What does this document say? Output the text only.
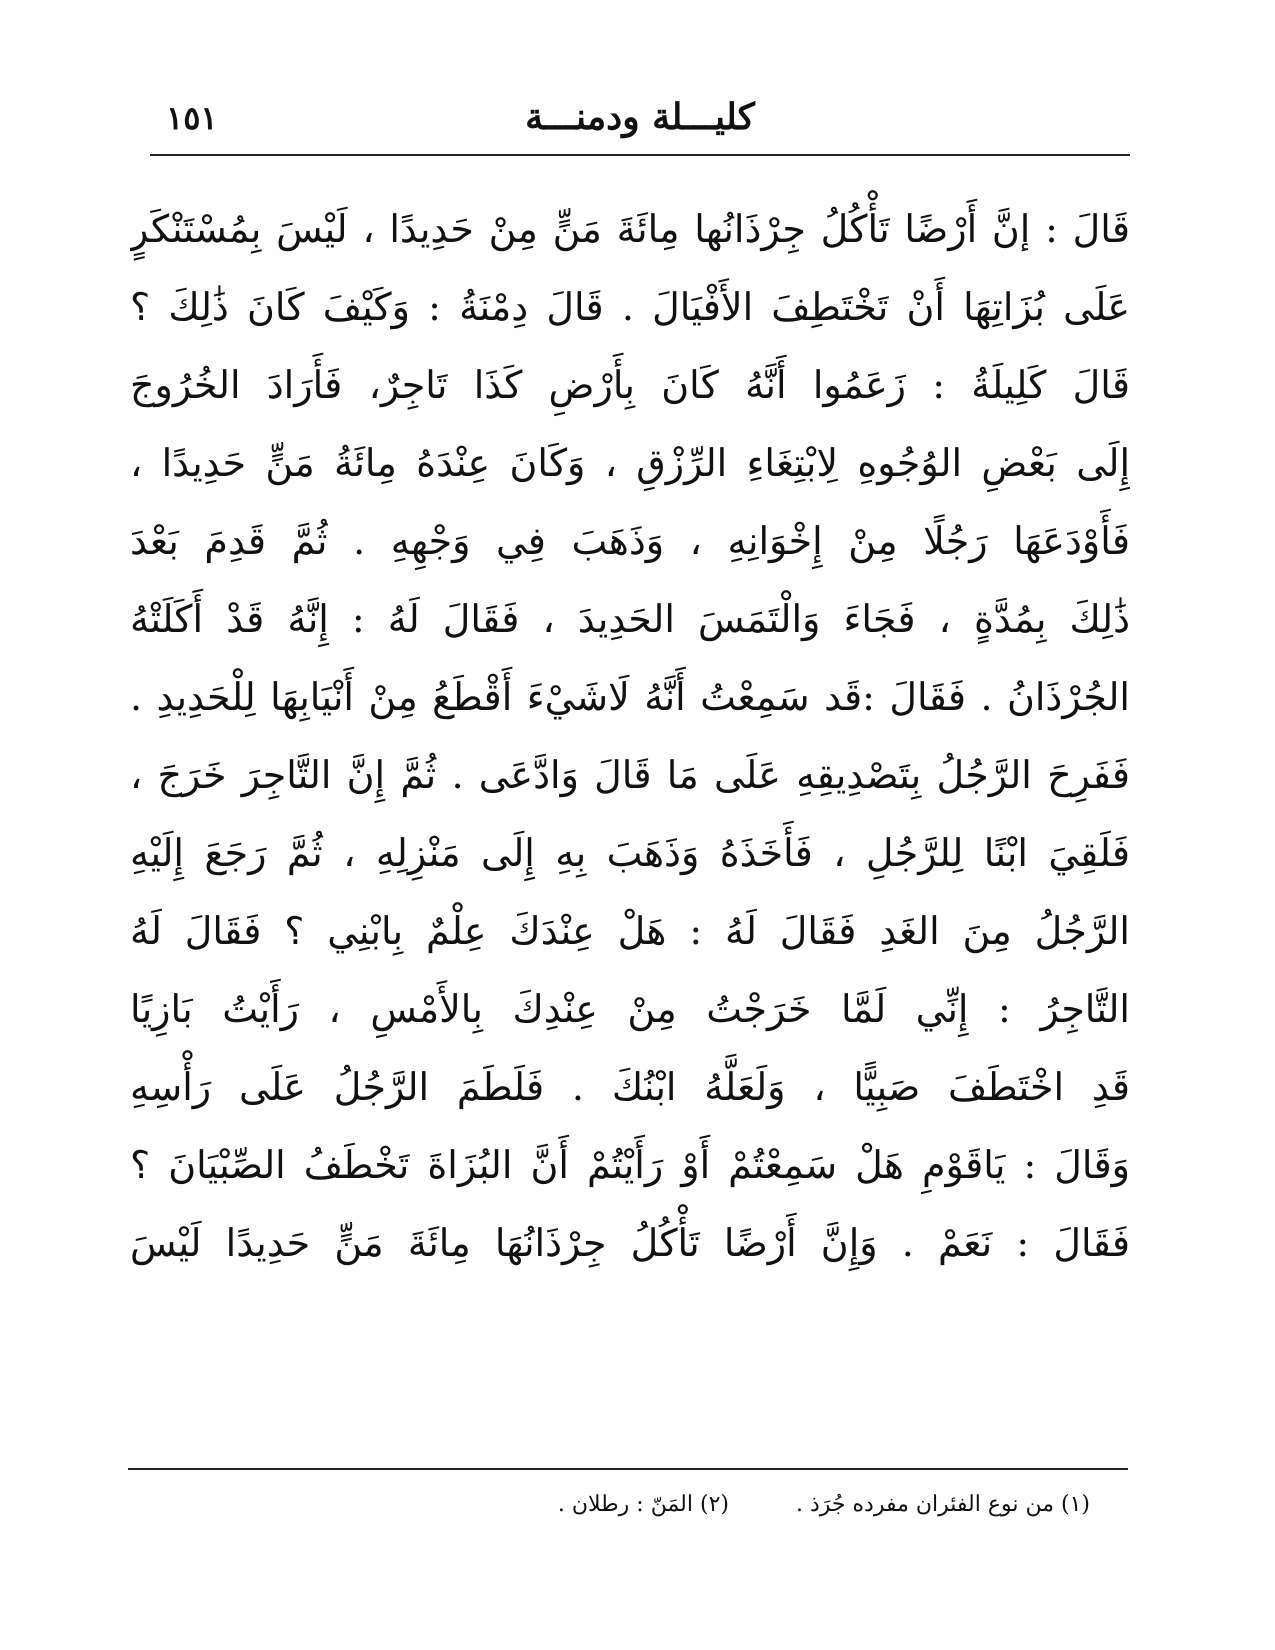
كليـــلة ودمنـــة
١٥١
قَالَ : إنَّ أَرْضًا تَأْكُلُ جِرْذَانُها مِائَةَ مَنٍّ مِنْ حَدِيدًا ، لَيْسَ بِمُسْتَنْكَرٍ
عَلَى بُزَاتِهَا أَنْ تَخْتَطِفَ الأَفْيَالَ . قَالَ دِمْنَةُ : وَكَيْفَ كَانَ ذَٰلِكَ ؟
قَالَ كَلِيلَةُ : زَعَمُوا أَنَّهُ كَانَ بِأَرْضِ كَذَا تَاجِرٌ، فَأَرَادَ الخُرُوجَ
إِلَى بَعْضِ الوُجُوهِ لِابْتِغَاءِ الرِّزْقِ ، وَكَانَ عِنْدَهُ مِائَةُ مَنٍّ حَدِيدًا ،
فَأَوْدَعَهَا رَجُلًا مِنْ إِخْوَانِهِ ، وَذَهَبَ فِي وَجْهِهِ . ثُمَّ قَدِمَ بَعْدَ
ذَٰلِكَ بِمُدَّةٍ ، فَجَاءَ وَالْتَمَسَ الحَدِيدَ ، فَقَالَ لَهُ : إِنَّهُ قَدْ أَكَلَتْهُ
الجُرْذَانُ . فَقَالَ :قَد سَمِعْتُ أَنَّهُ لَاشَيْءَ أَقْطَعُ مِنْ أَنْيَابِهَا لِلْحَدِيدِ .
فَفَرِحَ الرَّجُلُ بِتَصْدِيقِهِ عَلَى مَا قَالَ وَادَّعَى . ثُمَّ إِنَّ التَّاجِرَ خَرَجَ ،
فَلَقِيَ ابْنًا لِلرَّجُلِ ، فَأَخَذَهُ وَذَهَبَ بِهِ إِلَى مَنْزِلِهِ ، ثُمَّ رَجَعَ إِلَيْهِ
الرَّجُلُ مِنَ الغَدِ فَقَالَ لَهُ : هَلْ عِنْدَكَ عِلْمٌ بِابْنِي ؟ فَقَالَ لَهُ
التَّاجِرُ : إِنِّي لَمَّا خَرَجْتُ مِنْ عِنْدِكَ بِالأَمْسِ ، رَأَيْتُ بَازِيًا
قَدِ اخْتَطَفَ صَبِيًّا ، وَلَعَلَّهُ ابْنُكَ . فَلَطَمَ الرَّجُلُ عَلَى رَأْسِهِ
وَقَالَ : يَاقَوْمِ هَلْ سَمِعْتُمْ أَوْ رَأَيْتُمْ أَنَّ البُزَاةَ تَخْطَفُ الصِّبْيَانَ ؟
فَقَالَ : نَعَمْ . وَإِنَّ أَرْضًا تَأْكُلُ جِرْذَانُهَا مِائَةَ مَنٍّ حَدِيدًا لَيْسَ
(١) من نوع الفئران مفرده جُرَذ . (٢) المَنّ : رطلان .
